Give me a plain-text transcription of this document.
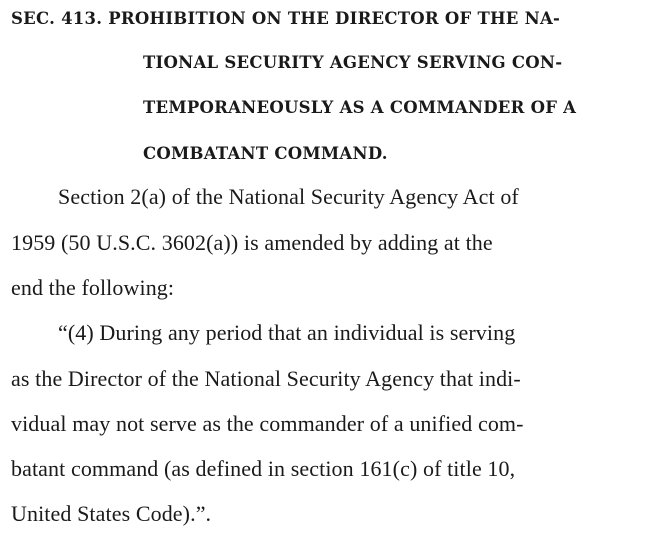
SEC. 413. PROHIBITION ON THE DIRECTOR OF THE NA-
TIONAL SECURITY AGENCY SERVING CON-
TEMPORANEOUSLY AS A COMMANDER OF A
COMBATANT COMMAND.
Section 2(a) of the National Security Agency Act of
1959 (50 U.S.C. 3602(a)) is amended by adding at the
end the following:
“(4) During any period that an individual is serving
as the Director of the National Security Agency that indi-
vidual may not serve as the commander of a unified com-
batant command (as defined in section 161(c) of title 10,
United States Code).”.
